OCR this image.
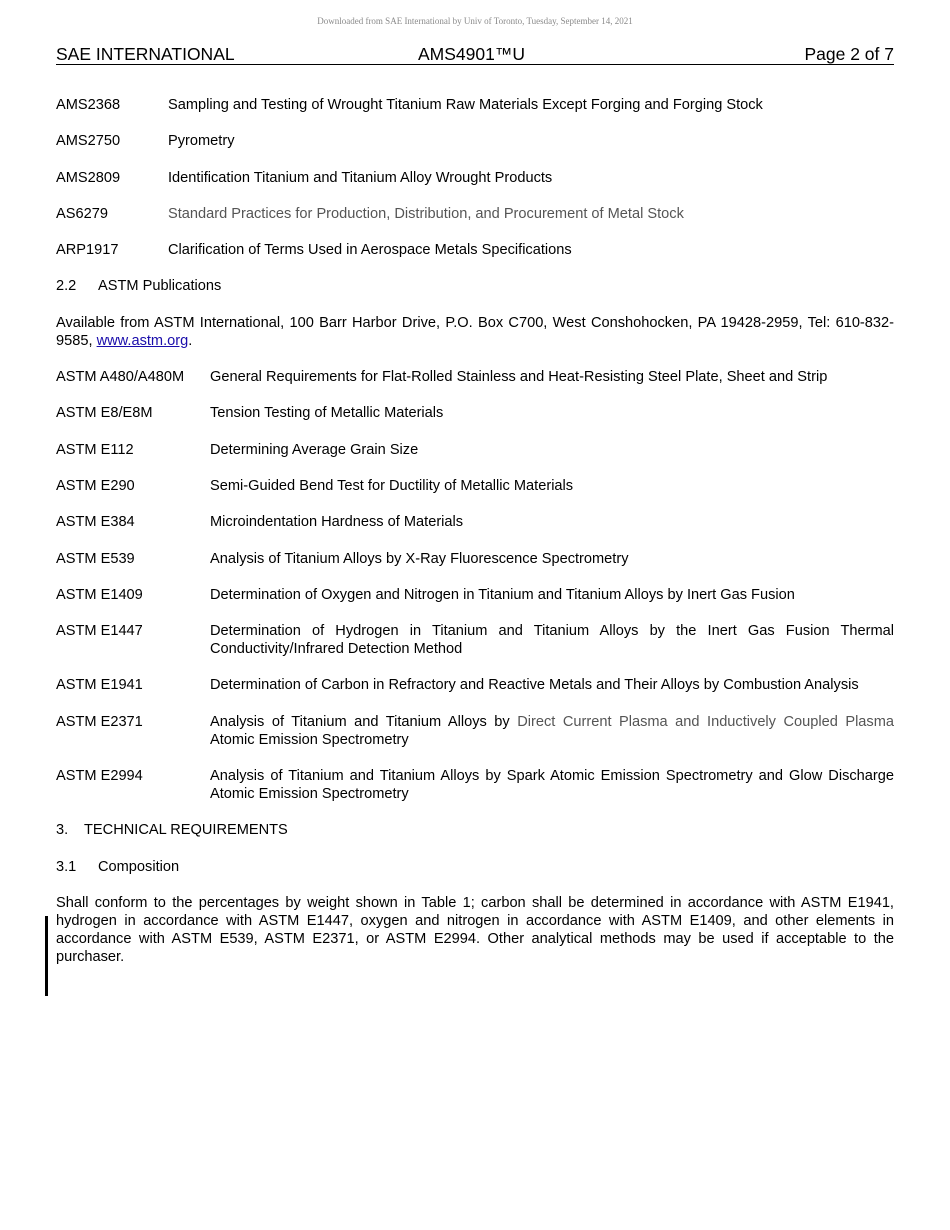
Downloaded from SAE International by Univ of Toronto, Tuesday, September 14, 2021
SAE INTERNATIONAL	AMS4901™U	Page 2 of 7
AMS2368	Sampling and Testing of Wrought Titanium Raw Materials Except Forging and Forging Stock
AMS2750	Pyrometry
AMS2809	Identification Titanium and Titanium Alloy Wrought Products
AS6279	Standard Practices for Production, Distribution, and Procurement of Metal Stock
ARP1917	Clarification of Terms Used in Aerospace Metals Specifications
2.2 ASTM Publications
Available from ASTM International, 100 Barr Harbor Drive, P.O. Box C700, West Conshohocken, PA 19428-2959, Tel: 610-832-9585, www.astm.org.
ASTM A480/A480M	General Requirements for Flat-Rolled Stainless and Heat-Resisting Steel Plate, Sheet and Strip
ASTM E8/E8M	Tension Testing of Metallic Materials
ASTM E112	Determining Average Grain Size
ASTM E290	Semi-Guided Bend Test for Ductility of Metallic Materials
ASTM E384	Microindentation Hardness of Materials
ASTM E539	Analysis of Titanium Alloys by X-Ray Fluorescence Spectrometry
ASTM E1409	Determination of Oxygen and Nitrogen in Titanium and Titanium Alloys by Inert Gas Fusion
ASTM E1447	Determination of Hydrogen in Titanium and Titanium Alloys by the Inert Gas Fusion Thermal Conductivity/Infrared Detection Method
ASTM E1941	Determination of Carbon in Refractory and Reactive Metals and Their Alloys by Combustion Analysis
ASTM E2371	Analysis of Titanium and Titanium Alloys by Direct Current Plasma and Inductively Coupled Plasma Atomic Emission Spectrometry
ASTM E2994	Analysis of Titanium and Titanium Alloys by Spark Atomic Emission Spectrometry and Glow Discharge Atomic Emission Spectrometry
3. TECHNICAL REQUIREMENTS
3.1 Composition
Shall conform to the percentages by weight shown in Table 1; carbon shall be determined in accordance with ASTM E1941, hydrogen in accordance with ASTM E1447, oxygen and nitrogen in accordance with ASTM E1409, and other elements in accordance with ASTM E539, ASTM E2371, or ASTM E2994. Other analytical methods may be used if acceptable to the purchaser.
